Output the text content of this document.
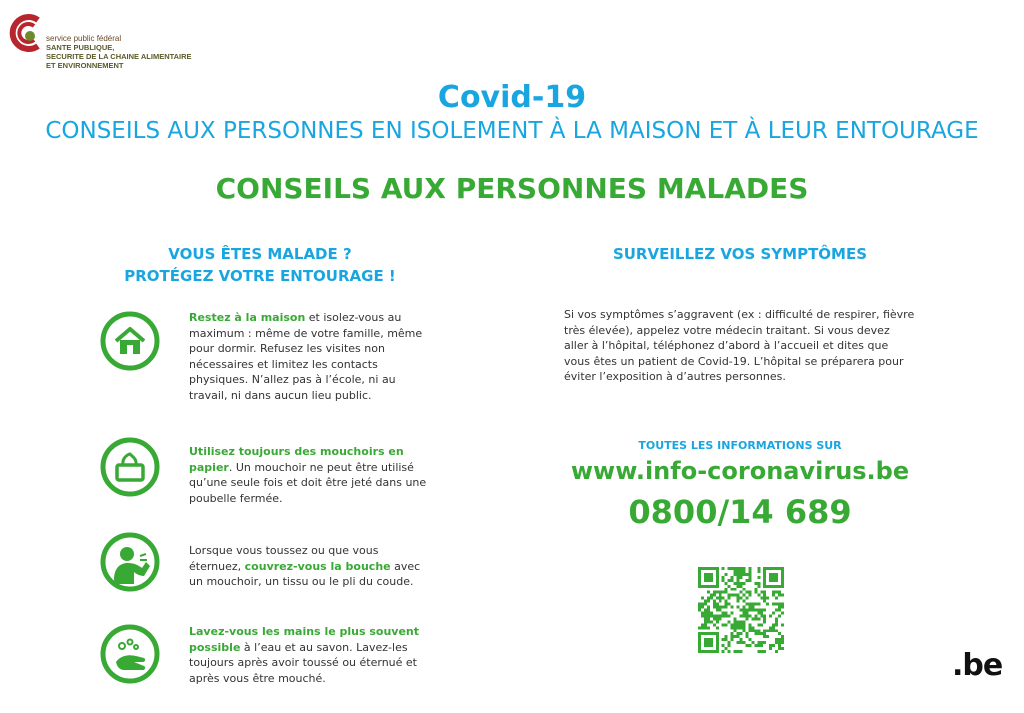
service public fédéral
SANTE PUBLIQUE,
SECURITE DE LA CHAINE ALIMENTAIRE
ET ENVIRONNEMENT
Covid-19
CONSEILS AUX PERSONNES EN ISOLEMENT À LA MAISON ET À LEUR ENTOURAGE
CONSEILS AUX PERSONNES MALADES
VOUS ÊTES MALADE ?
PROTÉGEZ VOTRE ENTOURAGE !
Restez à la maison et isolez-vous au maximum : même de votre famille, même pour dormir. Refusez les visites non nécessaires et limitez les contacts physiques. N’allez pas à l’école, ni au travail, ni dans aucun lieu public.
Utilisez toujours des mouchoirs en papier. Un mouchoir ne peut être utilisé qu’une seule fois et doit être jeté dans une poubelle fermée.
Lorsque vous toussez ou que vous éternuez, couvrez-vous la bouche avec un mouchoir, un tissu ou le pli du coude.
Lavez-vous les mains le plus souvent possible à l’eau et au savon. Lavez-les toujours après avoir toussé ou éternué et après vous être mouché.
SURVEILLEZ VOS SYMPTÔMES
Si vos symptômes s’aggravent (ex : difficulté de respirer, fièvre très élevée), appelez votre médecin traitant. Si vous devez aller à l’hôpital, téléphonez d’abord à l’accueil et dites que vous êtes un patient de Covid-19. L’hôpital se préparera pour éviter l’exposition à d’autres personnes.
TOUTES LES INFORMATIONS SUR
www.info-coronavirus.be
0800/14 689
.be
